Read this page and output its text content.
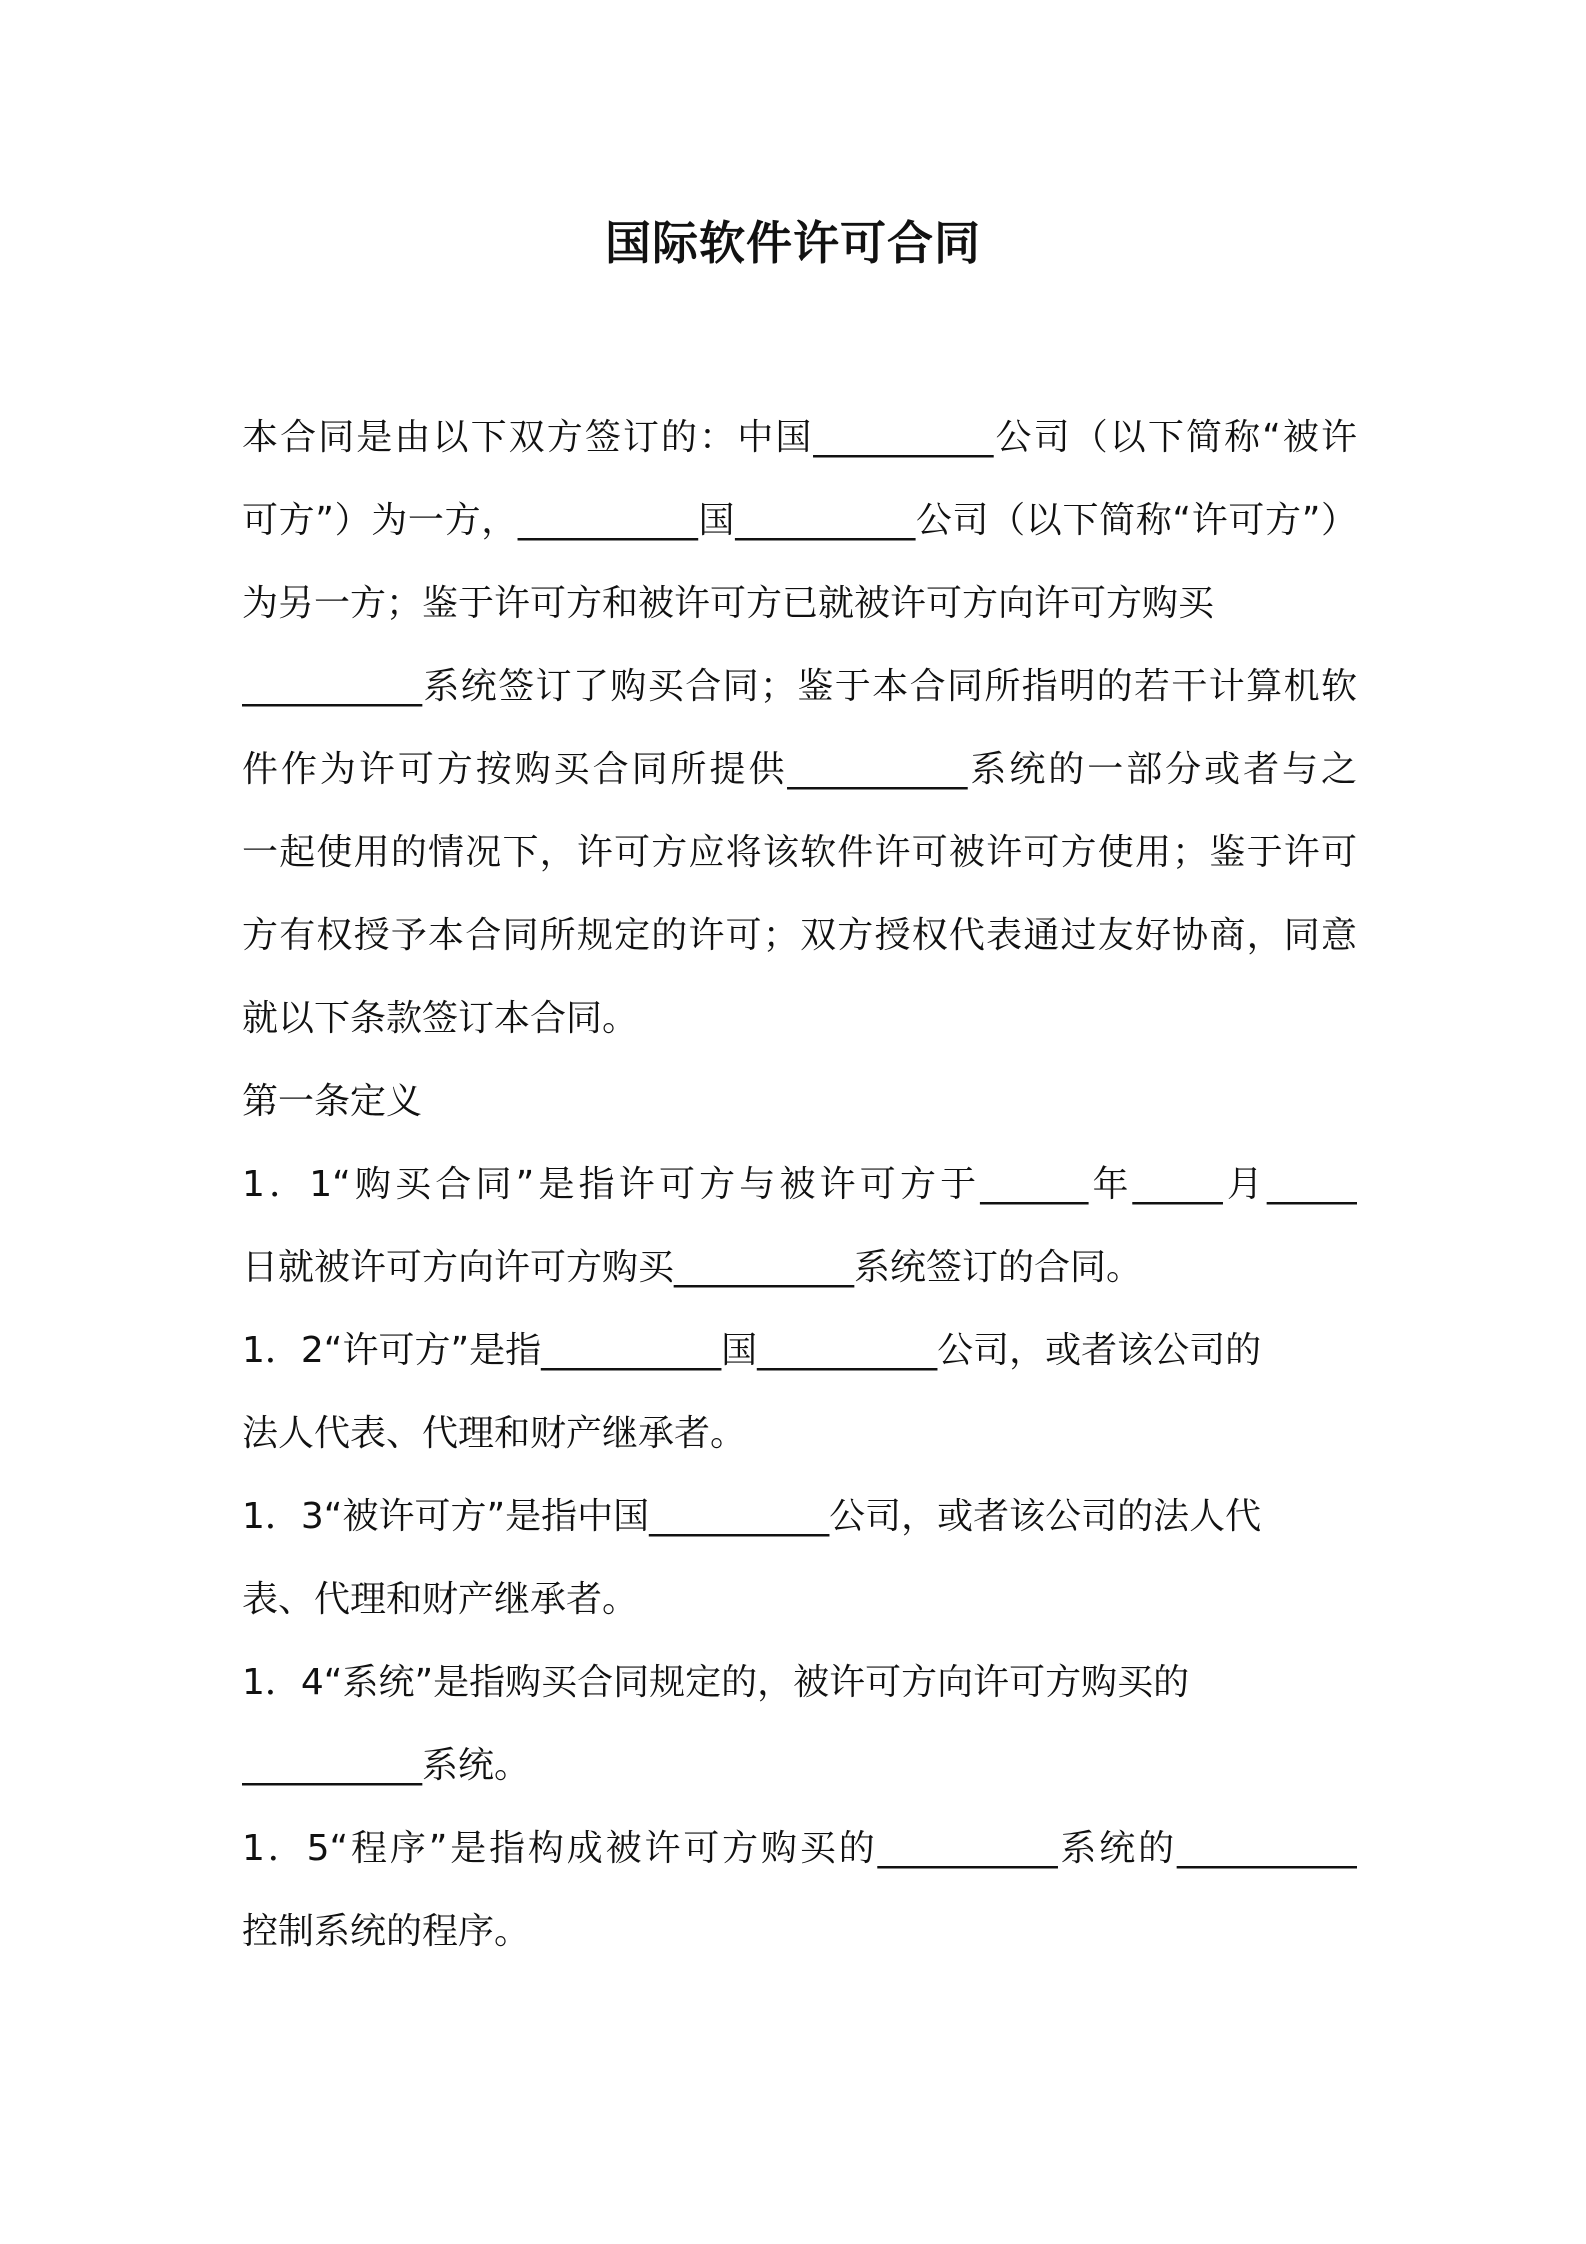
国际软件许可合同
本合同是由以下双方签订的：中国__________公司（以下简称“被许
可方”）为一方，__________国__________公司（以下简称“许可方”）
为另一方；鉴于许可方和被许可方已就被许可方向许可方购买
__________系统签订了购买合同；鉴于本合同所指明的若干计算机软
件作为许可方按购买合同所提供__________系统的一部分或者与之
一起使用的情况下，许可方应将该软件许可被许可方使用；鉴于许可
方有权授予本合同所规定的许可；双方授权代表通过友好协商，同意
就以下条款签订本合同。
第一条定义
1．1“购买合同”是指许可方与被许可方于______年_____月_____
日就被许可方向许可方购买__________系统签订的合同。
1．2“许可方”是指__________国__________公司，或者该公司的
法人代表、代理和财产继承者。
1．3“被许可方”是指中国__________公司，或者该公司的法人代
表、代理和财产继承者。
1．4“系统”是指购买合同规定的，被许可方向许可方购买的
__________系统。
1．5“程序”是指构成被许可方购买的__________系统的__________
控制系统的程序。
